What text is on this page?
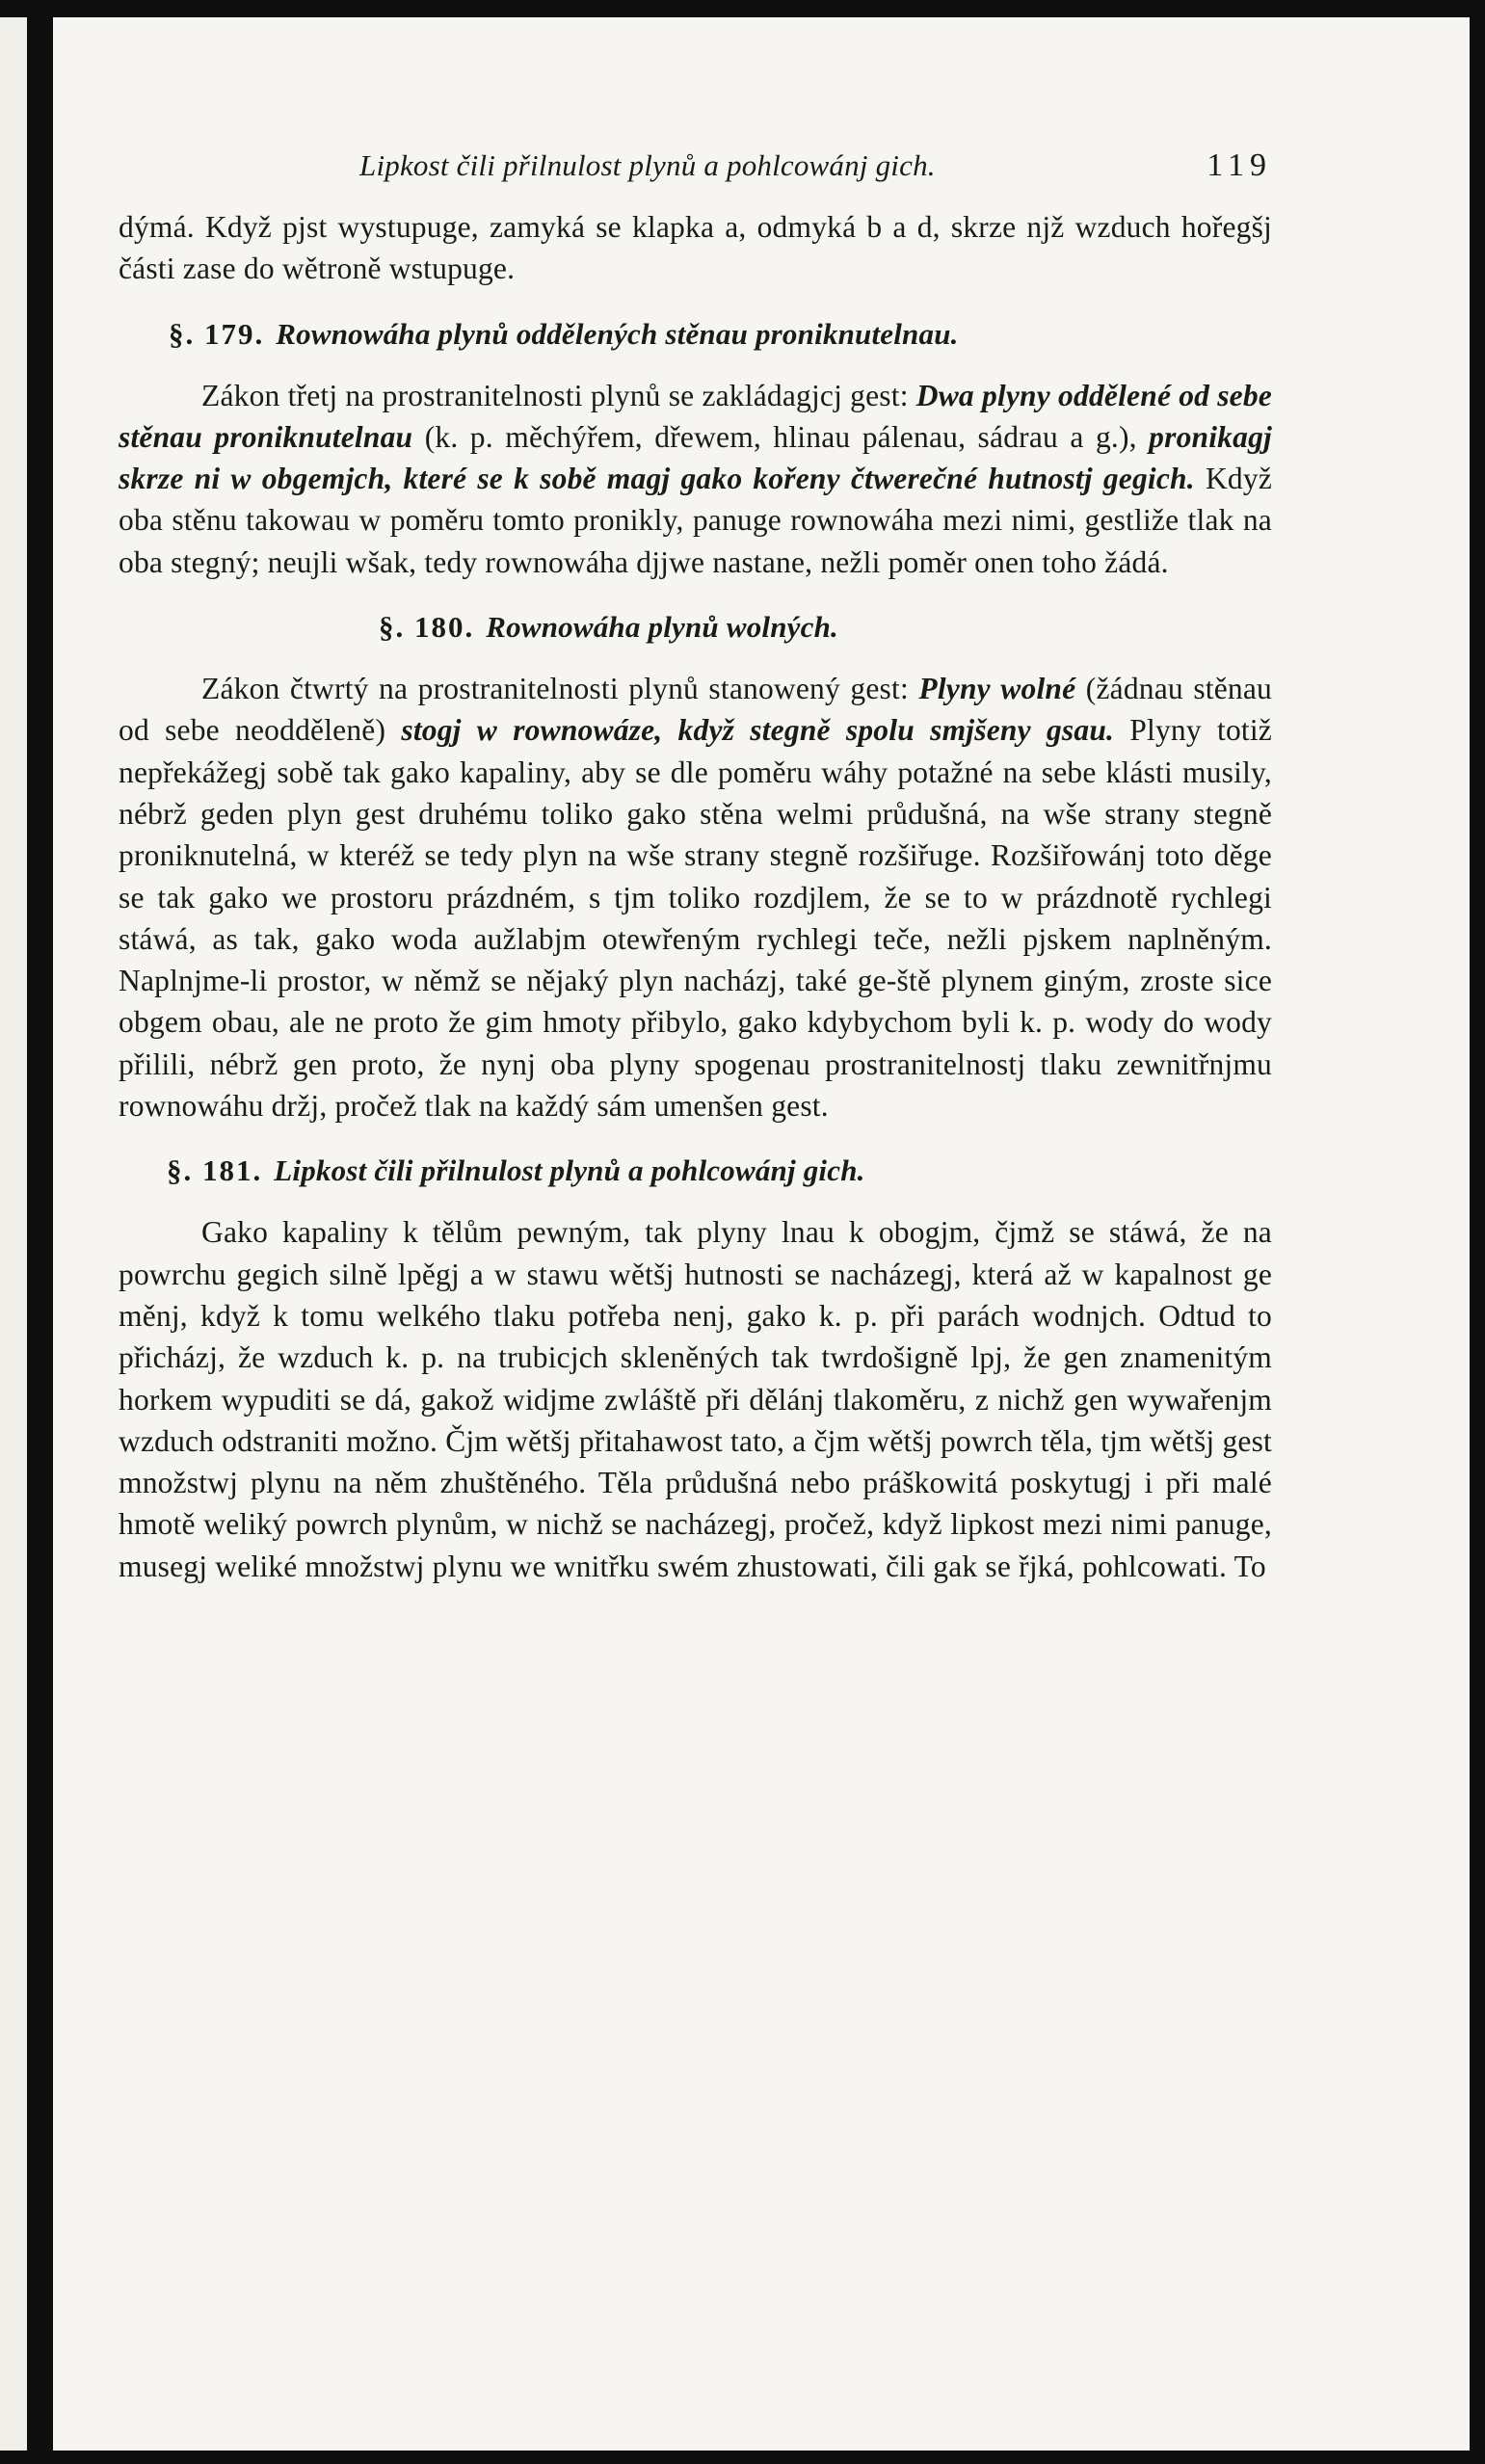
Lipkost čili přilnulost plynů a pohlcowánj gich.	119

dýmá. Když pjst wystupuge, zamyká se klapka a, odmyká b a d, skrze njž wzduch hořegšj části zase do wětroně wstupuge.

§. 179. Rownowáha plynů oddělených stěnau proniknutelnau.

Zákon třetj na prostranitelnosti plynů se zakládagjcj gest: Dwa plyny oddělené od sebe stěnau proniknutelnau (k. p. měchýřem, dřewem, hlinau pálenau, sádrau a g.), pronikagj skrze ni w obgemjch, které se k sobě magj gako kořeny čtwerečné hutnostj gegich. Když oba stěnu takowau w poměru tomto pronikly, panuge rownowáha mezi nimi, gestliže tlak na oba stegný; neujli wšak, tedy rownowáha djjwe nastane, nežli poměr onen toho žádá.

§. 180. Rownowáha plynů wolných.

Zákon čtwrtý na prostranitelnosti plynů stanowený gest: Plyny wolné (žádnau stěnau od sebe neodděleně) stogj w rownowáze, když stegně spolu smjšeny gsau. Plyny totiž nepřekážegj sobě tak gako kapaliny, aby se dle poměru wáhy potažné na sebe klásti musily, nébrž geden plyn gest druhému toliko gako stěna welmi průdušná, na wše strany stegně proniknutelná, w kteréž se tedy plyn na wše strany stegně rozšiřuge. Rozšiřowánj toto děge se tak gako we prostoru prázdném, s tjm toliko rozdjlem, že se to w prázdnotě rychlegi stáwá, as tak, gako woda aužlabjm otewřeným rychlegi teče, nežli pjskem naplněným. Naplnjme-li prostor, w němž se nějaký plyn nacházj, také ge-ště plynem giným, zroste sice obgem obau, ale ne proto že gim hmoty přibylo, gako kdybychom byli k. p. wody do wody přilili, nébrž gen proto, že nynj oba plyny spogenau prostranitelnostj tlaku zewnitřnjmu rownowáhu držj, pročež tlak na každý sám umenšen gest.

§. 181. Lipkost čili přilnulost plynů a pohlcowánj gich.

Gako kapaliny k tělům pewným, tak plyny lnau k obogjm, čjmž se stáwá, že na powrchu gegich silně lpěgj a w stawu wětšj hutnosti se nacházegj, která až w kapalnost ge měnj, když k tomu welkého tlaku potřeba nenj, gako k. p. při parách wodnjch. Odtud to přicházj, že wzduch k. p. na trubicjch skleněných tak twrdošigně lpj, že gen znamenitým horkem wypuditi se dá, gakož widjme zwláště při dělánj tlakoměru, z nichž gen wywařenjm wzduch odstraniti možno. Čjm wětšj přitahawost tato, a čjm wětšj powrch těla, tjm wětšj gest množstwj plynu na něm zhuštěného. Těla průdušná nebo práškowitá poskytugj i při malé hmotě weliký powrch plynům, w nichž se nacházegj, pročež, když lipkost mezi nimi panuge, musegj weliké množstwj plynu we wnitřku swém zhustowati, čili gak se řjká, pohlcowati. To
